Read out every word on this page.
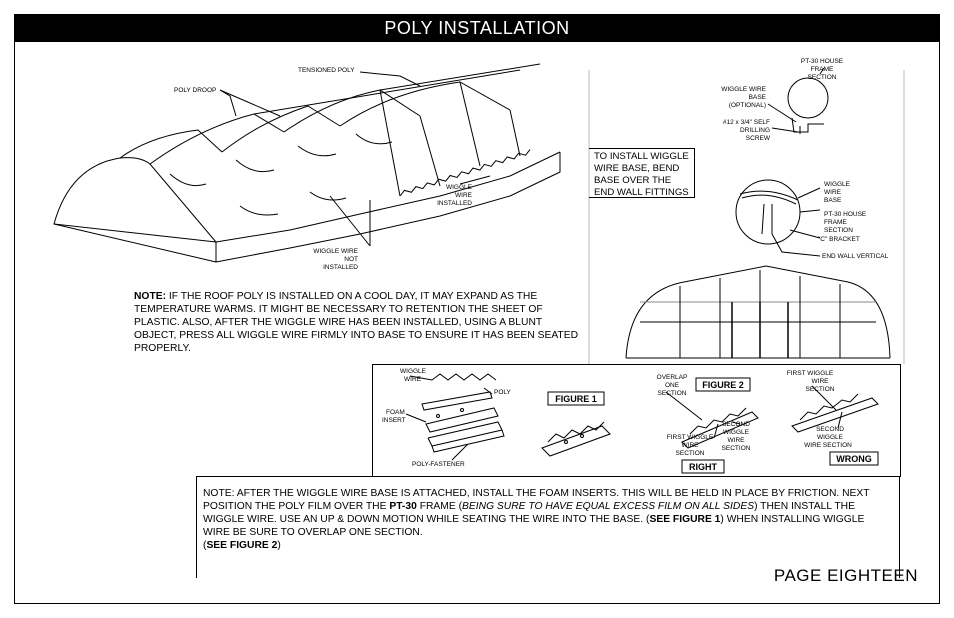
POLY INSTALLATION
TENSIONED POLY
POLY DROOP
WIGGLE
WIRE
INSTALLED
WIGGLE WIRE
NOT
INSTALLED
NOTE: IF THE ROOF POLY IS INSTALLED ON A COOL DAY, IT MAY EXPAND AS THE TEMPERATURE WARMS. IT MIGHT BE NECESSARY TO RETENTION THE SHEET OF PLASTIC. ALSO, AFTER THE WIGGLE WIRE HAS BEEN INSTALLED, USING A BLUNT OBJECT, PRESS ALL WIGGLE WIRE FIRMLY INTO BASE TO ENSURE IT HAS BEEN SEATED PROPERLY.
PT-30 HOUSE
FRAME
SECTION
WIGGLE WIRE
BASE
(OPTIONAL)
#12 x 3/4" SELF
DRILLING
SCREW
TO INSTALL WIGGLE WIRE BASE, BEND BASE OVER THE END WALL FITTINGS
WIGGLE
WIRE
BASE
PT-30 HOUSE
FRAME
SECTION
"C" BRACKET
END WALL VERTICAL
WIGGLE
WIRE
POLY
FOAM
INSERT
POLY-FASTENER
FIGURE 1
FIGURE 2
OVERLAP
ONE
SECTION
FIRST WIGGLE
WIRE
SECTION
SECOND
WIGGLE
WIRE
SECTION
RIGHT
FIRST WIGGLE
WIRE
SECTION
SECOND
WIGGLE
WIRE SECTION
WRONG
NOTE: AFTER THE WIGGLE WIRE BASE IS ATTACHED, INSTALL THE FOAM INSERTS. THIS WILL BE HELD IN PLACE BY FRICTION. NEXT POSITION THE POLY FILM OVER THE PT-30 FRAME (BEING SURE TO HAVE EQUAL EXCESS FILM ON ALL SIDES) THEN INSTALL THE WIGGLE WIRE. USE AN UP & DOWN MOTION WHILE SEATING THE WIRE INTO THE BASE. (SEE FIGURE 1) WHEN INSTALLING WIGGLE WIRE BE SURE TO OVERLAP ONE SECTION.
(SEE FIGURE 2)
PAGE EIGHTEEN
